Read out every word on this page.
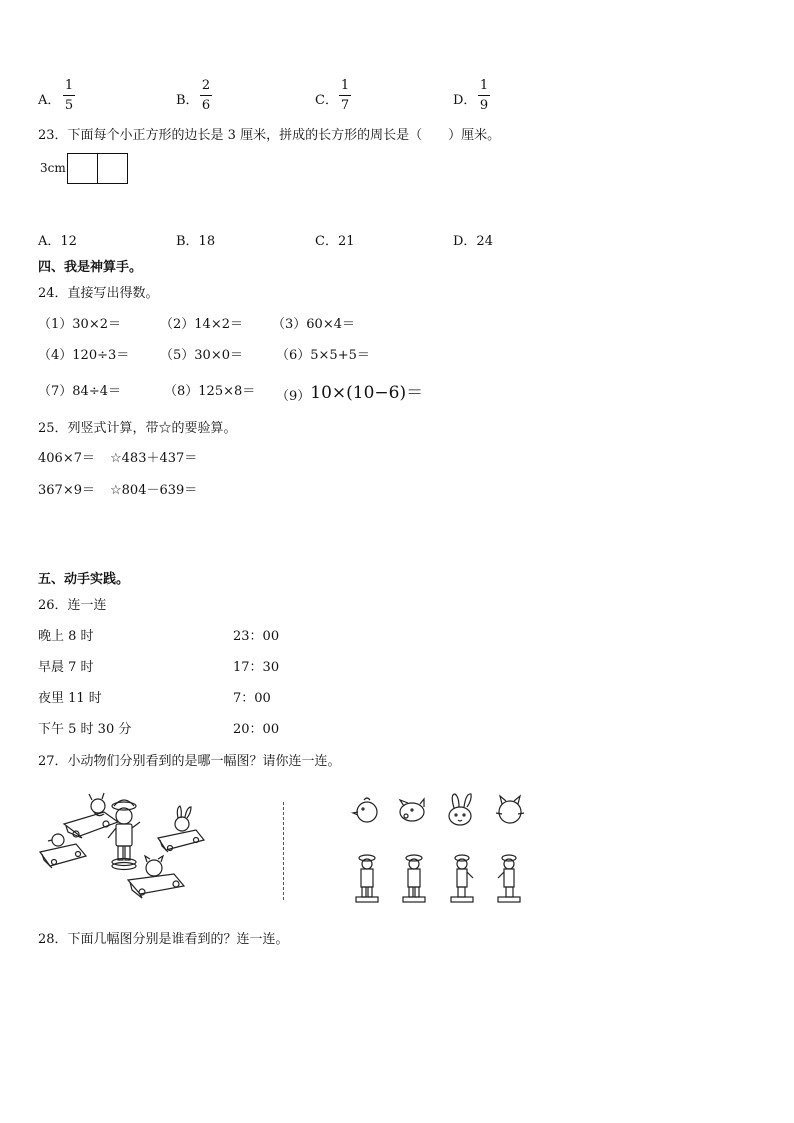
A．
1
5	B．
2
6	C．
1
7	D．
1
9
23．下面每个小正方形的边长是 3 厘米，拼成的长方形的周长是（　　）厘米。
3cm
A．12	B．18	C．21	D．24
四、我是神算手。
24．直接写出得数。
（1）30×2＝	（2）14×2＝ （3）60×4＝
（4）120÷3＝ （5）30×0＝	（6）5×5+5＝
（7）84÷4＝	（8）125×8＝ （9）10×(10−6)＝
25．列竖式计算，带☆的要验算。
406×7＝ ☆483＋437＝
367×9＝ ☆804－639＝
五、动手实践。
26．连一连
晚上 8 时	23：00
早晨 7 时	17：30
夜里 11 时	7：00
下午 5 时 30 分	20：00
27．小动物们分别看到的是哪一幅图？请你连一连。
28．下面几幅图分别是谁看到的？连一连。
